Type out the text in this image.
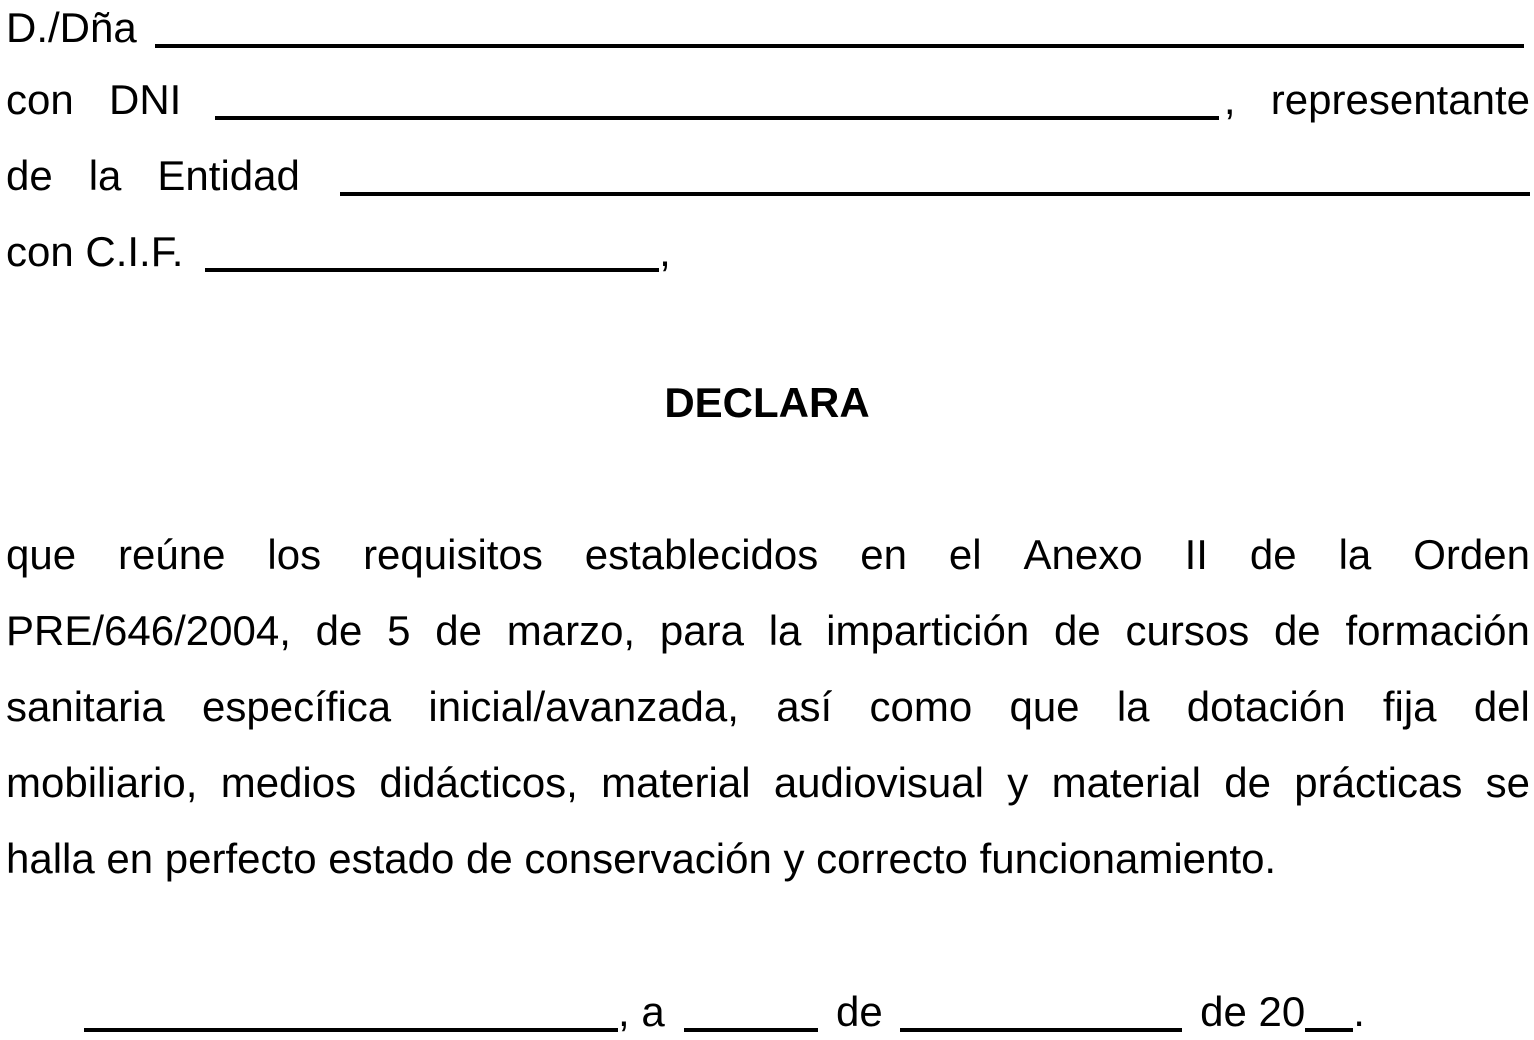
D./Dña
con DNI	, representante
de la Entidad
con C.I.F.	,
DECLARA
que reúne los requisitos establecidos en el Anexo II de la Orden
PRE/646/2004, de 5 de marzo, para la impartición de cursos de formación
sanitaria específica inicial/avanzada, así como que la dotación fija del
mobiliario, medios didácticos, material audiovisual y material de prácticas se
halla en perfecto estado de conservación y correcto funcionamiento.
, a	de	de 20 .
